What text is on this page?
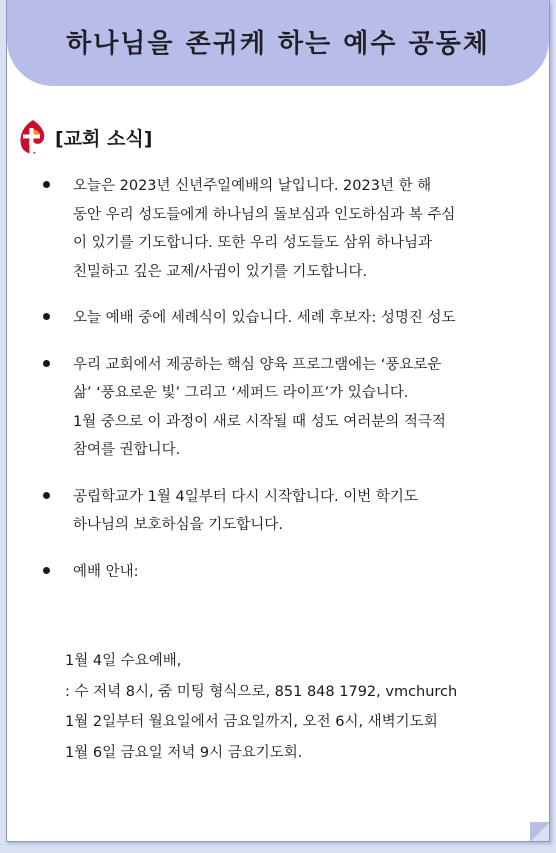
하나님을 존귀케 하는 예수 공동체
[교회 소식]
오늘은 2023년 신년주일예배의 날입니다. 2023년 한 해
동안 우리 성도들에게 하나님의 돌보심과 인도하심과 복 주심
이 있기를 기도합니다. 또한 우리 성도들도 삼위 하나님과
친밀하고 깊은 교제/사귐이 있기를 기도합니다.
오늘 예배 중에 세례식이 있습니다. 세례 후보자: 성명진 성도
우리 교회에서 제공하는 핵심 양육 프로그램에는 ‘풍요로운
삶’ ‘풍요로운 빛’ 그리고 ‘세퍼드 라이프’가 있습니다.
1월 중으로 이 과정이 새로 시작될 때 성도 여러분의 적극적
참여를 권합니다.
공립학교가 1월 4일부터 다시 시작합니다. 이번 학기도
하나님의 보호하심을 기도합니다.
예배 안내:
1월 4일 수요예배,
: 수 저녁 8시, 줌 미팅 형식으로, 851 848 1792, vmchurch
1월 2일부터 월요일에서 금요일까지, 오전 6시, 새벽기도회
1월 6일 금요일 저녁 9시 금요기도회.
